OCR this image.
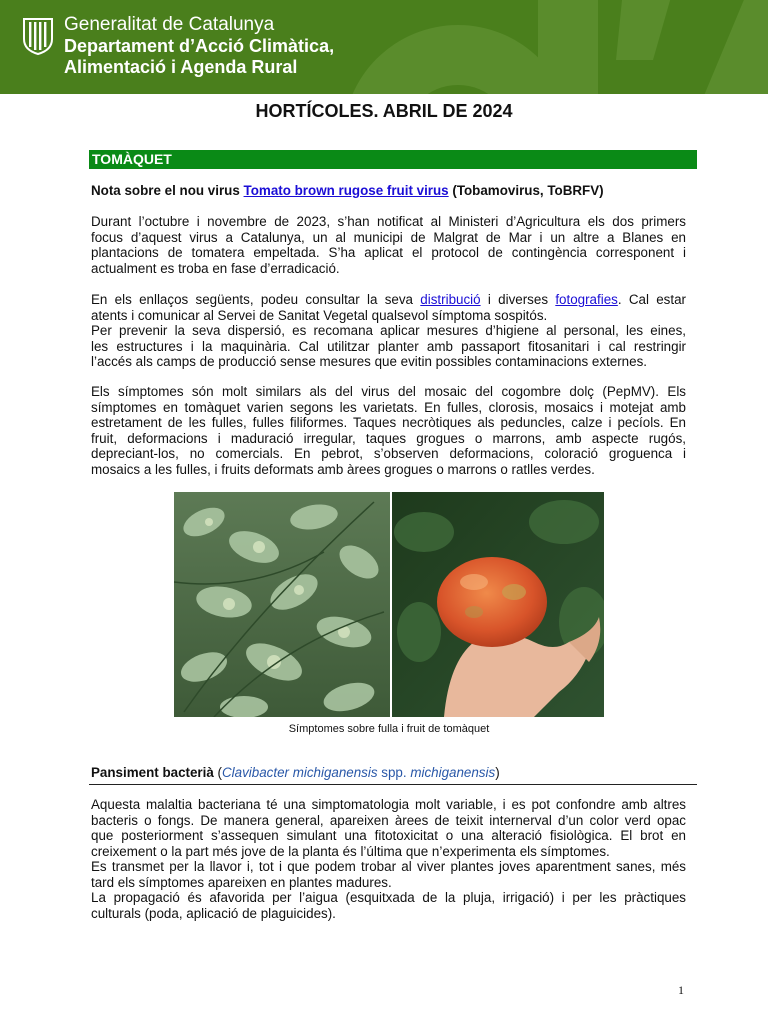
Generalitat de Catalunya
Departament d’Acció Climàtica,
Alimentació i Agenda Rural
HORTÍCOLES. ABRIL DE 2024
TOMÀQUET
Nota sobre el nou virus Tomato brown rugose fruit virus (Tobamovirus, ToBRFV)
Durant l’octubre i novembre de 2023, s’han notificat al Ministeri d’Agricultura els dos primers
focus d’aquest virus a Catalunya, un al municipi de Malgrat de Mar i un altre a Blanes en
plantacions de tomatera empeltada. S’ha aplicat el protocol de contingència corresponent i
actualment es troba en fase d’erradicació.
En els enllaços següents, podeu consultar la seva distribució i diverses fotografies. Cal estar
atents i comunicar al Servei de Sanitat Vegetal qualsevol símptoma sospitós.
Per prevenir la seva dispersió, es recomana aplicar mesures d’higiene al personal, les eines,
les estructures i la maquinària. Cal utilitzar planter amb passaport fitosanitari i cal restringir
l’accés als camps de producció sense mesures que evitin possibles contaminacions externes.
Els símptomes són molt similars als del virus del mosaic del cogombre dolç (PepMV). Els
símptomes en tomàquet varien segons les varietats. En fulles, clorosis, mosaics i motejat amb
estretament de les fulles, fulles filiformes. Taques necròtiques als peduncles, calze i pecíols. En
fruit, deformacions i maduració irregular, taques grogues o marrons, amb aspecte rugós,
depreciant-los, no comercials. En pebrot, s’observen deformacions, coloració groguenca i
mosaics a les fulles, i fruits deformats amb àrees grogues o marrons o ratlles verdes.
Símptomes sobre fulla i fruit de tomàquet
Pansiment bacterià (Clavibacter michiganensis spp. michiganensis)
Aquesta malaltia bacteriana té una simptomatologia molt variable, i es pot confondre amb altres
bacteris o fongs. De manera general, apareixen àrees de teixit internerval d’un color verd opac
que posteriorment s’assequen simulant una fitotoxicitat o una alteració fisiològica. El brot en
creixement o la part més jove de la planta és l’última que n’experimenta els símptomes.
Es transmet per la llavor i, tot i que podem trobar al viver plantes joves aparentment sanes, més
tard els símptomes apareixen en plantes madures.
La propagació és afavorida per l’aigua (esquitxada de la pluja, irrigació) i per les pràctiques
culturals (poda, aplicació de plaguicides).
1
